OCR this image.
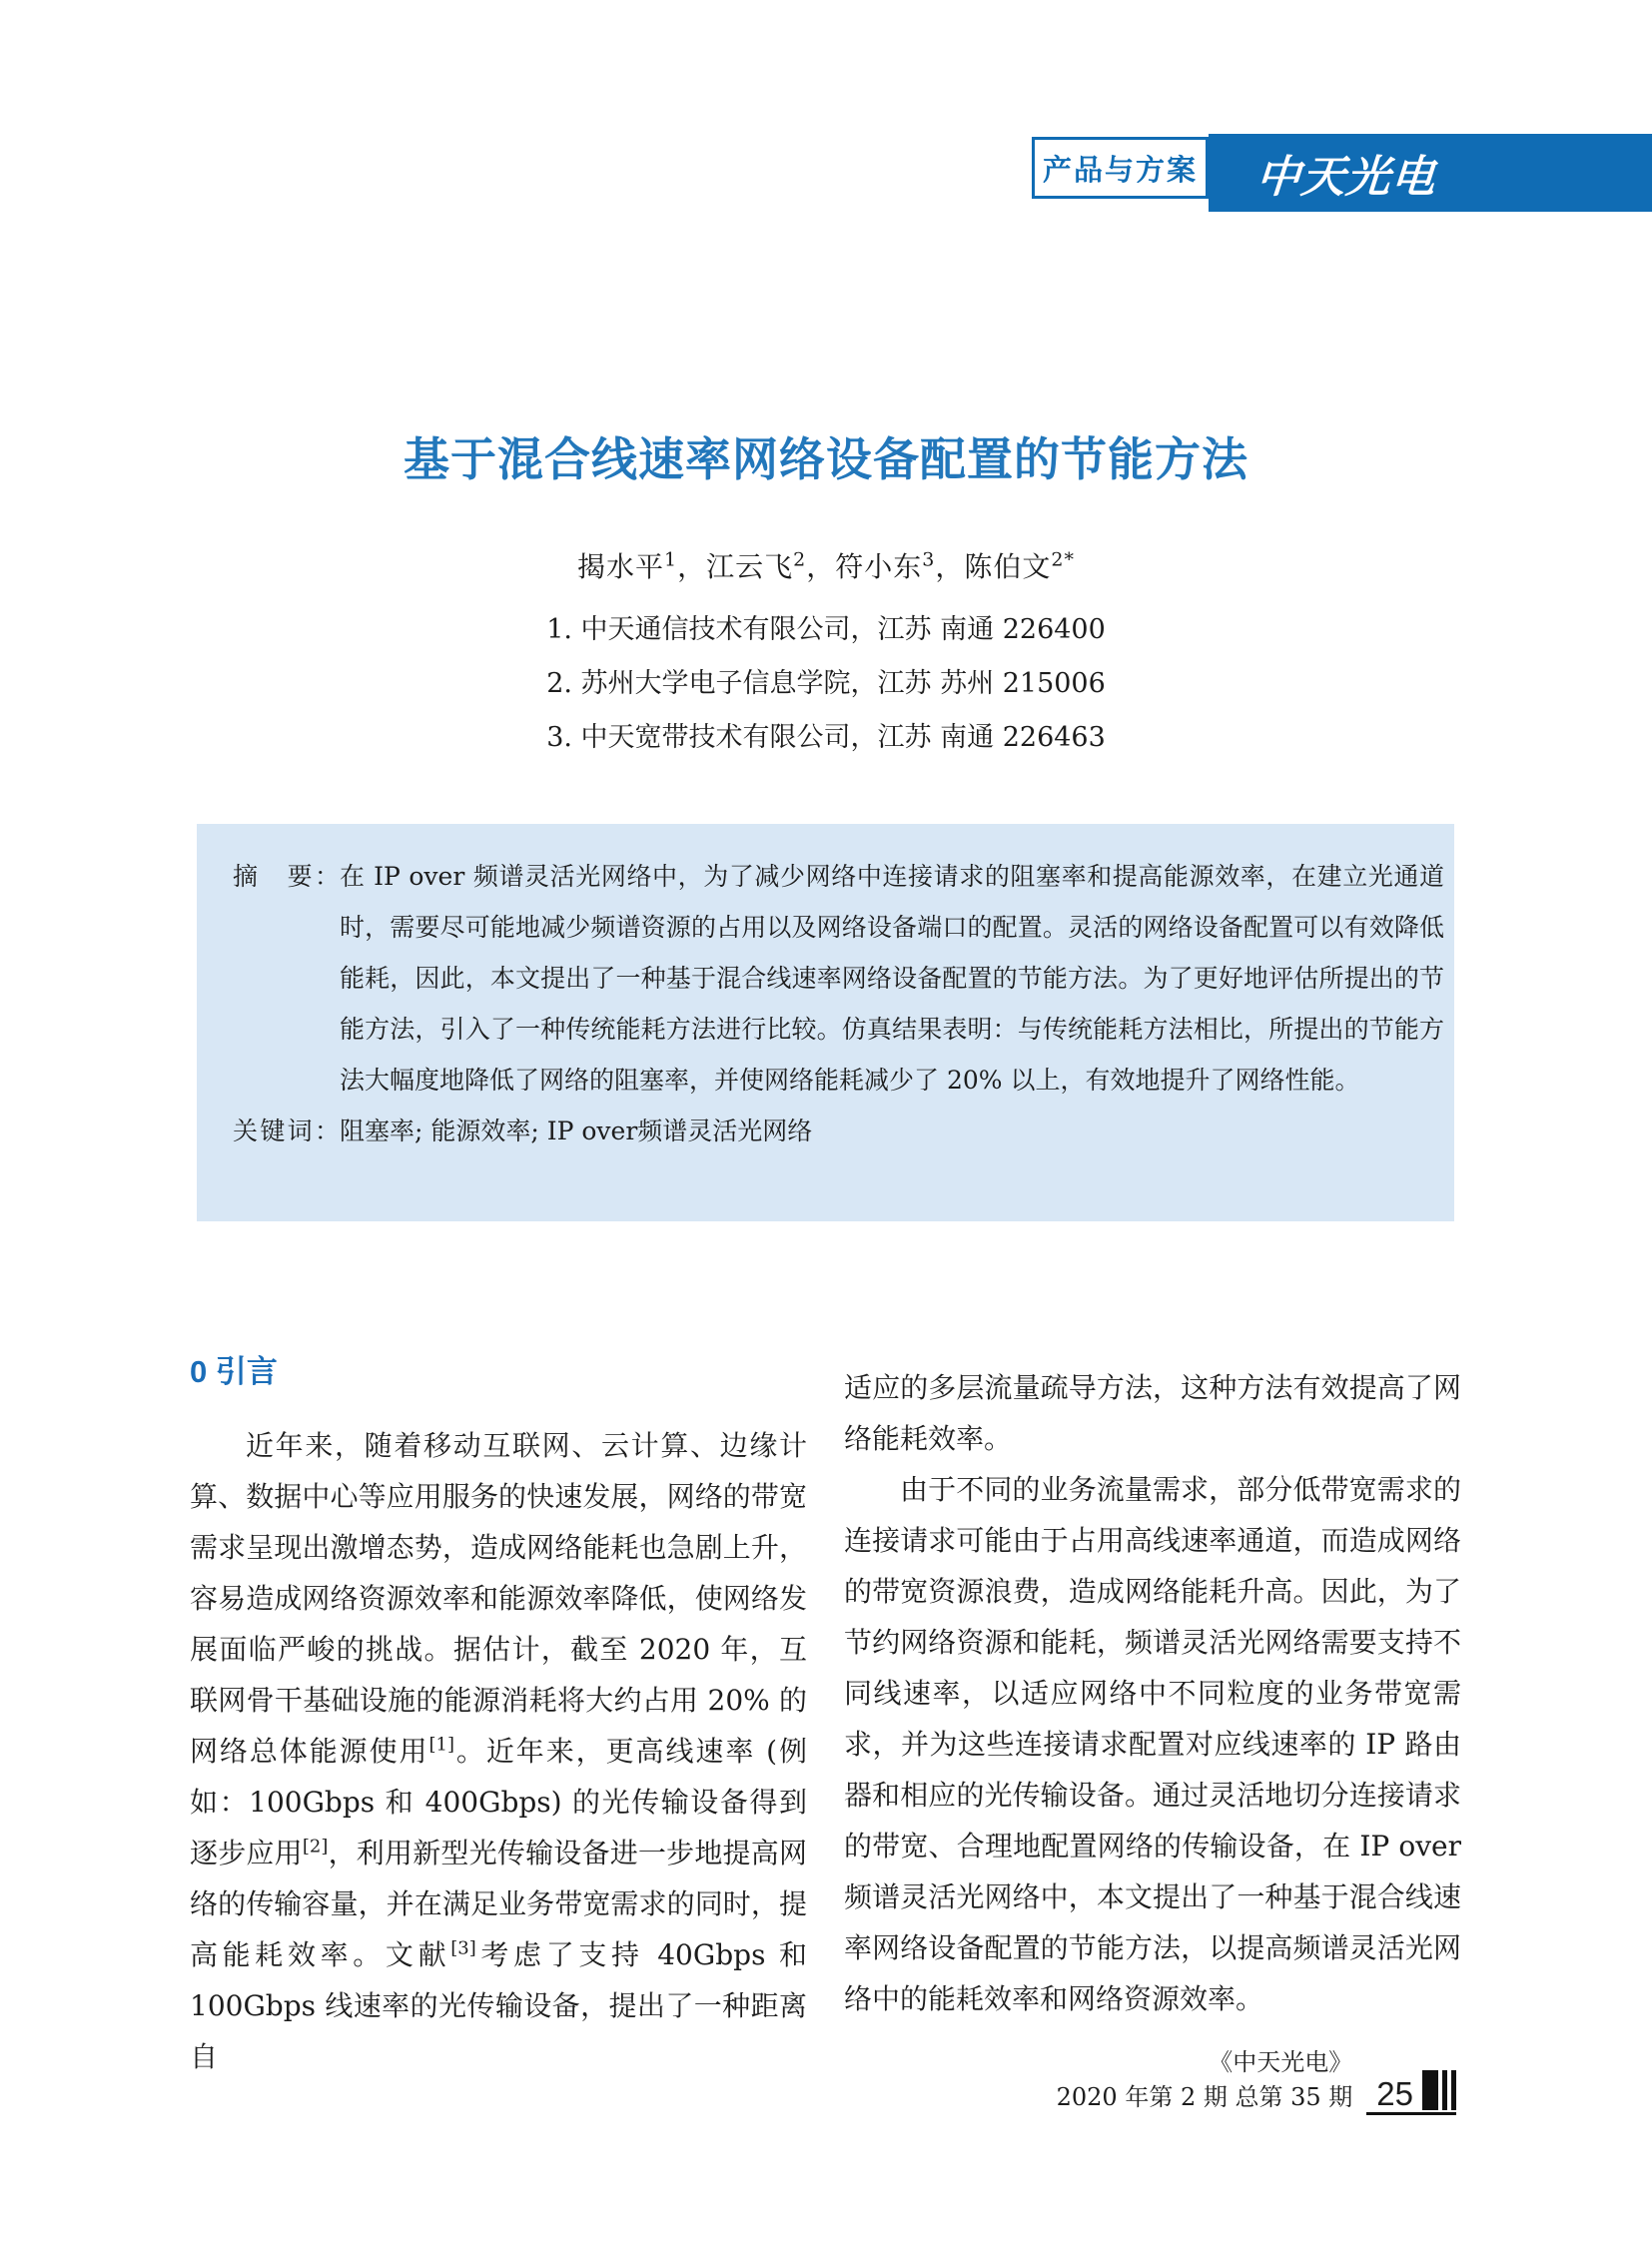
中天光电
产品与方案
基于混合线速率网络设备配置的节能方法
揭水平$^1$，江云飞$^2$，符小东$^3$，陈伯文$^{2*}$
1. 中天通信技术有限公司，江苏 南通 226400
2. 苏州大学电子信息学院，江苏 苏州 215006
3. 中天宽带技术有限公司，江苏 南通 226463
摘　要： 在 IP over 频谱灵活光网络中，为了减少网络中连接请求的阻塞率和提高能源效率，在建立光通道时，需要尽可能地减少频谱资源的占用以及网络设备端口的配置。灵活的网络设备配置可以有效降低能耗，因此，本文提出了一种基于混合线速率网络设备配置的节能方法。为了更好地评估所提出的节能方法，引入了一种传统能耗方法进行比较。仿真结果表明：与传统能耗方法相比，所提出的节能方法大幅度地降低了网络的阻塞率，并使网络能耗减少了 20% 以上，有效地提升了网络性能。

关键词： 阻塞率; 能源效率; IP over频谱灵活光网络

0 引言

近年来，随着移动互联网、云计算、边缘计算、数据中心等应用服务的快速发展，网络的带宽需求呈现出激增态势，造成网络能耗也急剧上升，容易造成网络资源效率和能源效率降低，使网络发展面临严峻的挑战。据估计，截至 2020 年，互联网骨干基础设施的能源消耗将大约占用 20% 的网络总体能源使用[1]。近年来，更高线速率 (例如：100Gbps 和 400Gbps) 的光传输设备得到逐步应用[2]，利用新型光传输设备进一步地提高网络的传输容量，并在满足业务带宽需求的同时，提高能耗效率。文献[3]考虑了支持 40Gbps 和 100Gbps 线速率的光传输设备，提出了一种距离自

适应的多层流量疏导方法，这种方法有效提高了网络能耗效率。

由于不同的业务流量需求，部分低带宽需求的连接请求可能由于占用高线速率通道，而造成网络的带宽资源浪费，造成网络能耗升高。因此，为了节约网络资源和能耗，频谱灵活光网络需要支持不同线速率，以适应网络中不同粒度的业务带宽需求，并为这些连接请求配置对应线速率的 IP 路由器和相应的光传输设备。通过灵活地切分连接请求的带宽、合理地配置网络的传输设备，在 IP over 频谱灵活光网络中，本文提出了一种基于混合线速率网络设备配置的节能方法，以提高频谱灵活光网络中的能耗效率和网络资源效率。

《中天光电》
2020 年第 2 期 总第 35 期 25
